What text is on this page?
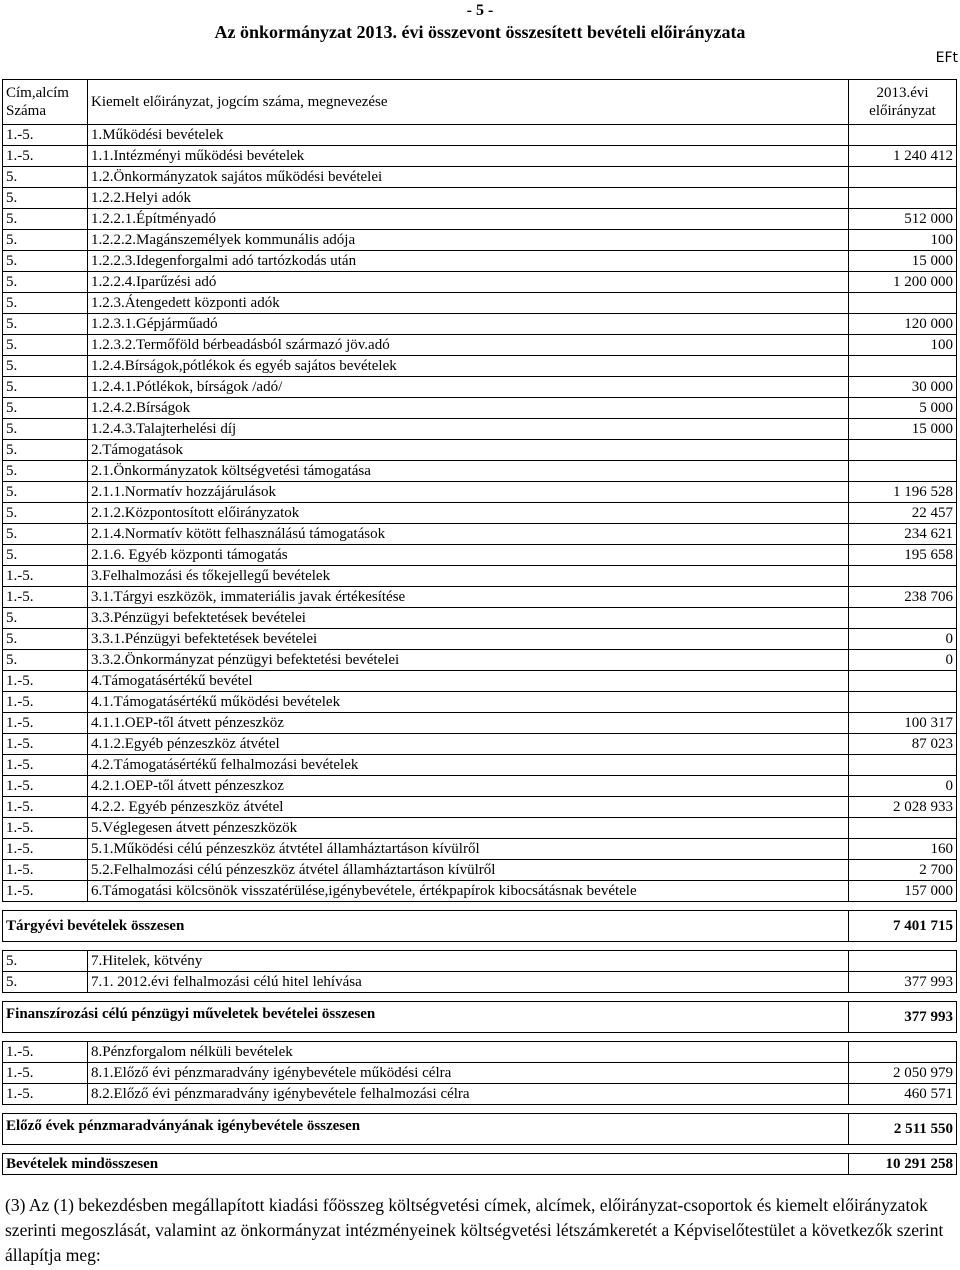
- 5 -
Az önkormányzat 2013. évi összevont összesített bevételi előirányzata
EFt
Cím,alcím Száma	Kiemelt előirányzat, jogcím száma, megnevezése	2013.évi előirányzat
1.-5.	1.Működési bevételek	
1.-5.	1.1.Intézményi működési bevételek	1 240 412
5.	1.2.Önkormányzatok sajátos működési bevételei	
5.	1.2.2.Helyi adók	
5.	1.2.2.1.Építményadó	512 000
5.	1.2.2.2.Magánszemélyek kommunális adója	100
5.	1.2.2.3.Idegenforgalmi adó tartózkodás után	15 000
5.	1.2.2.4.Iparűzési adó	1 200 000
5.	1.2.3.Átengedett központi adók	
5.	1.2.3.1.Gépjárműadó	120 000
5.	1.2.3.2.Termőföld bérbeadásból származó jöv.adó	100
5.	1.2.4.Bírságok,pótlékok és egyéb sajátos bevételek	
5.	1.2.4.1.Pótlékok, bírságok /adó/	30 000
5.	1.2.4.2.Bírságok	5 000
5.	1.2.4.3.Talajterhelési díj	15 000
5.	2.Támogatások	
5.	2.1.Önkormányzatok költségvetési támogatása	
5.	2.1.1.Normatív hozzájárulások	1 196 528
5.	2.1.2.Központosított előirányzatok	22 457
5.	2.1.4.Normatív kötött felhasználású támogatások	234 621
5.	2.1.6. Egyéb központi támogatás	195 658
1.-5.	3.Felhalmozási és tőkejellegű bevételek	
1.-5.	3.1.Tárgyi eszközök, immateriális javak értékesítése	238 706
5.	3.3.Pénzügyi befektetések bevételei	
5.	3.3.1.Pénzügyi befektetések bevételei	0
5.	3.3.2.Önkormányzat pénzügyi befektetési bevételei	0
1.-5.	4.Támogatásértékű bevétel	
1.-5.	4.1.Támogatásértékű működési bevételek	
1.-5.	4.1.1.OEP-től átvett pénzeszköz	100 317
1.-5.	4.1.2.Egyéb pénzeszköz átvétel	87 023
1.-5.	4.2.Támogatásértékű felhalmozási bevételek	
1.-5.	4.2.1.OEP-től átvett pénzeszkoz	0
1.-5.	4.2.2. Egyéb pénzeszköz átvétel	2 028 933
1.-5.	5.Véglegesen átvett pénzeszközök	
1.-5.	5.1.Működési célú pénzeszköz átvtétel államháztartáson kívülről	160
1.-5.	5.2.Felhalmozási célú pénzeszköz átvétel államháztartáson kívülről	2 700
1.-5.	6.Támogatási kölcsönök visszatérülése,igénybevétele, értékpapírok kibocsátásnak bevétele	157 000

Tárgyévi bevételek összesen		7 401 715

5.	7.Hitelek, kötvény	
5.	7.1. 2012.évi felhalmozási célú hitel lehívása	377 993

Finanszírozási célú pénzügyi műveletek bevételei összesen		377 993

1.-5.	8.Pénzforgalom nélküli bevételek	
1.-5.	8.1.Előző évi pénzmaradvány igénybevétele működési célra	2 050 979
1.-5.	8.2.Előző évi pénzmaradvány igénybevétele felhalmozási célra	460 571

Előző évek pénzmaradványának igénybevétele összesen		2 511 550

Bevételek mindösszesen		10 291 258
(3) Az (1) bekezdésben megállapított kiadási főösszeg költségvetési címek, alcímek, előirányzat-csoportok és kiemelt előirányzatok szerinti megoszlását, valamint az önkormányzat intézményeinek költségvetési létszámkeretét a Képviselőtestület a következők szerint állapítja meg:
